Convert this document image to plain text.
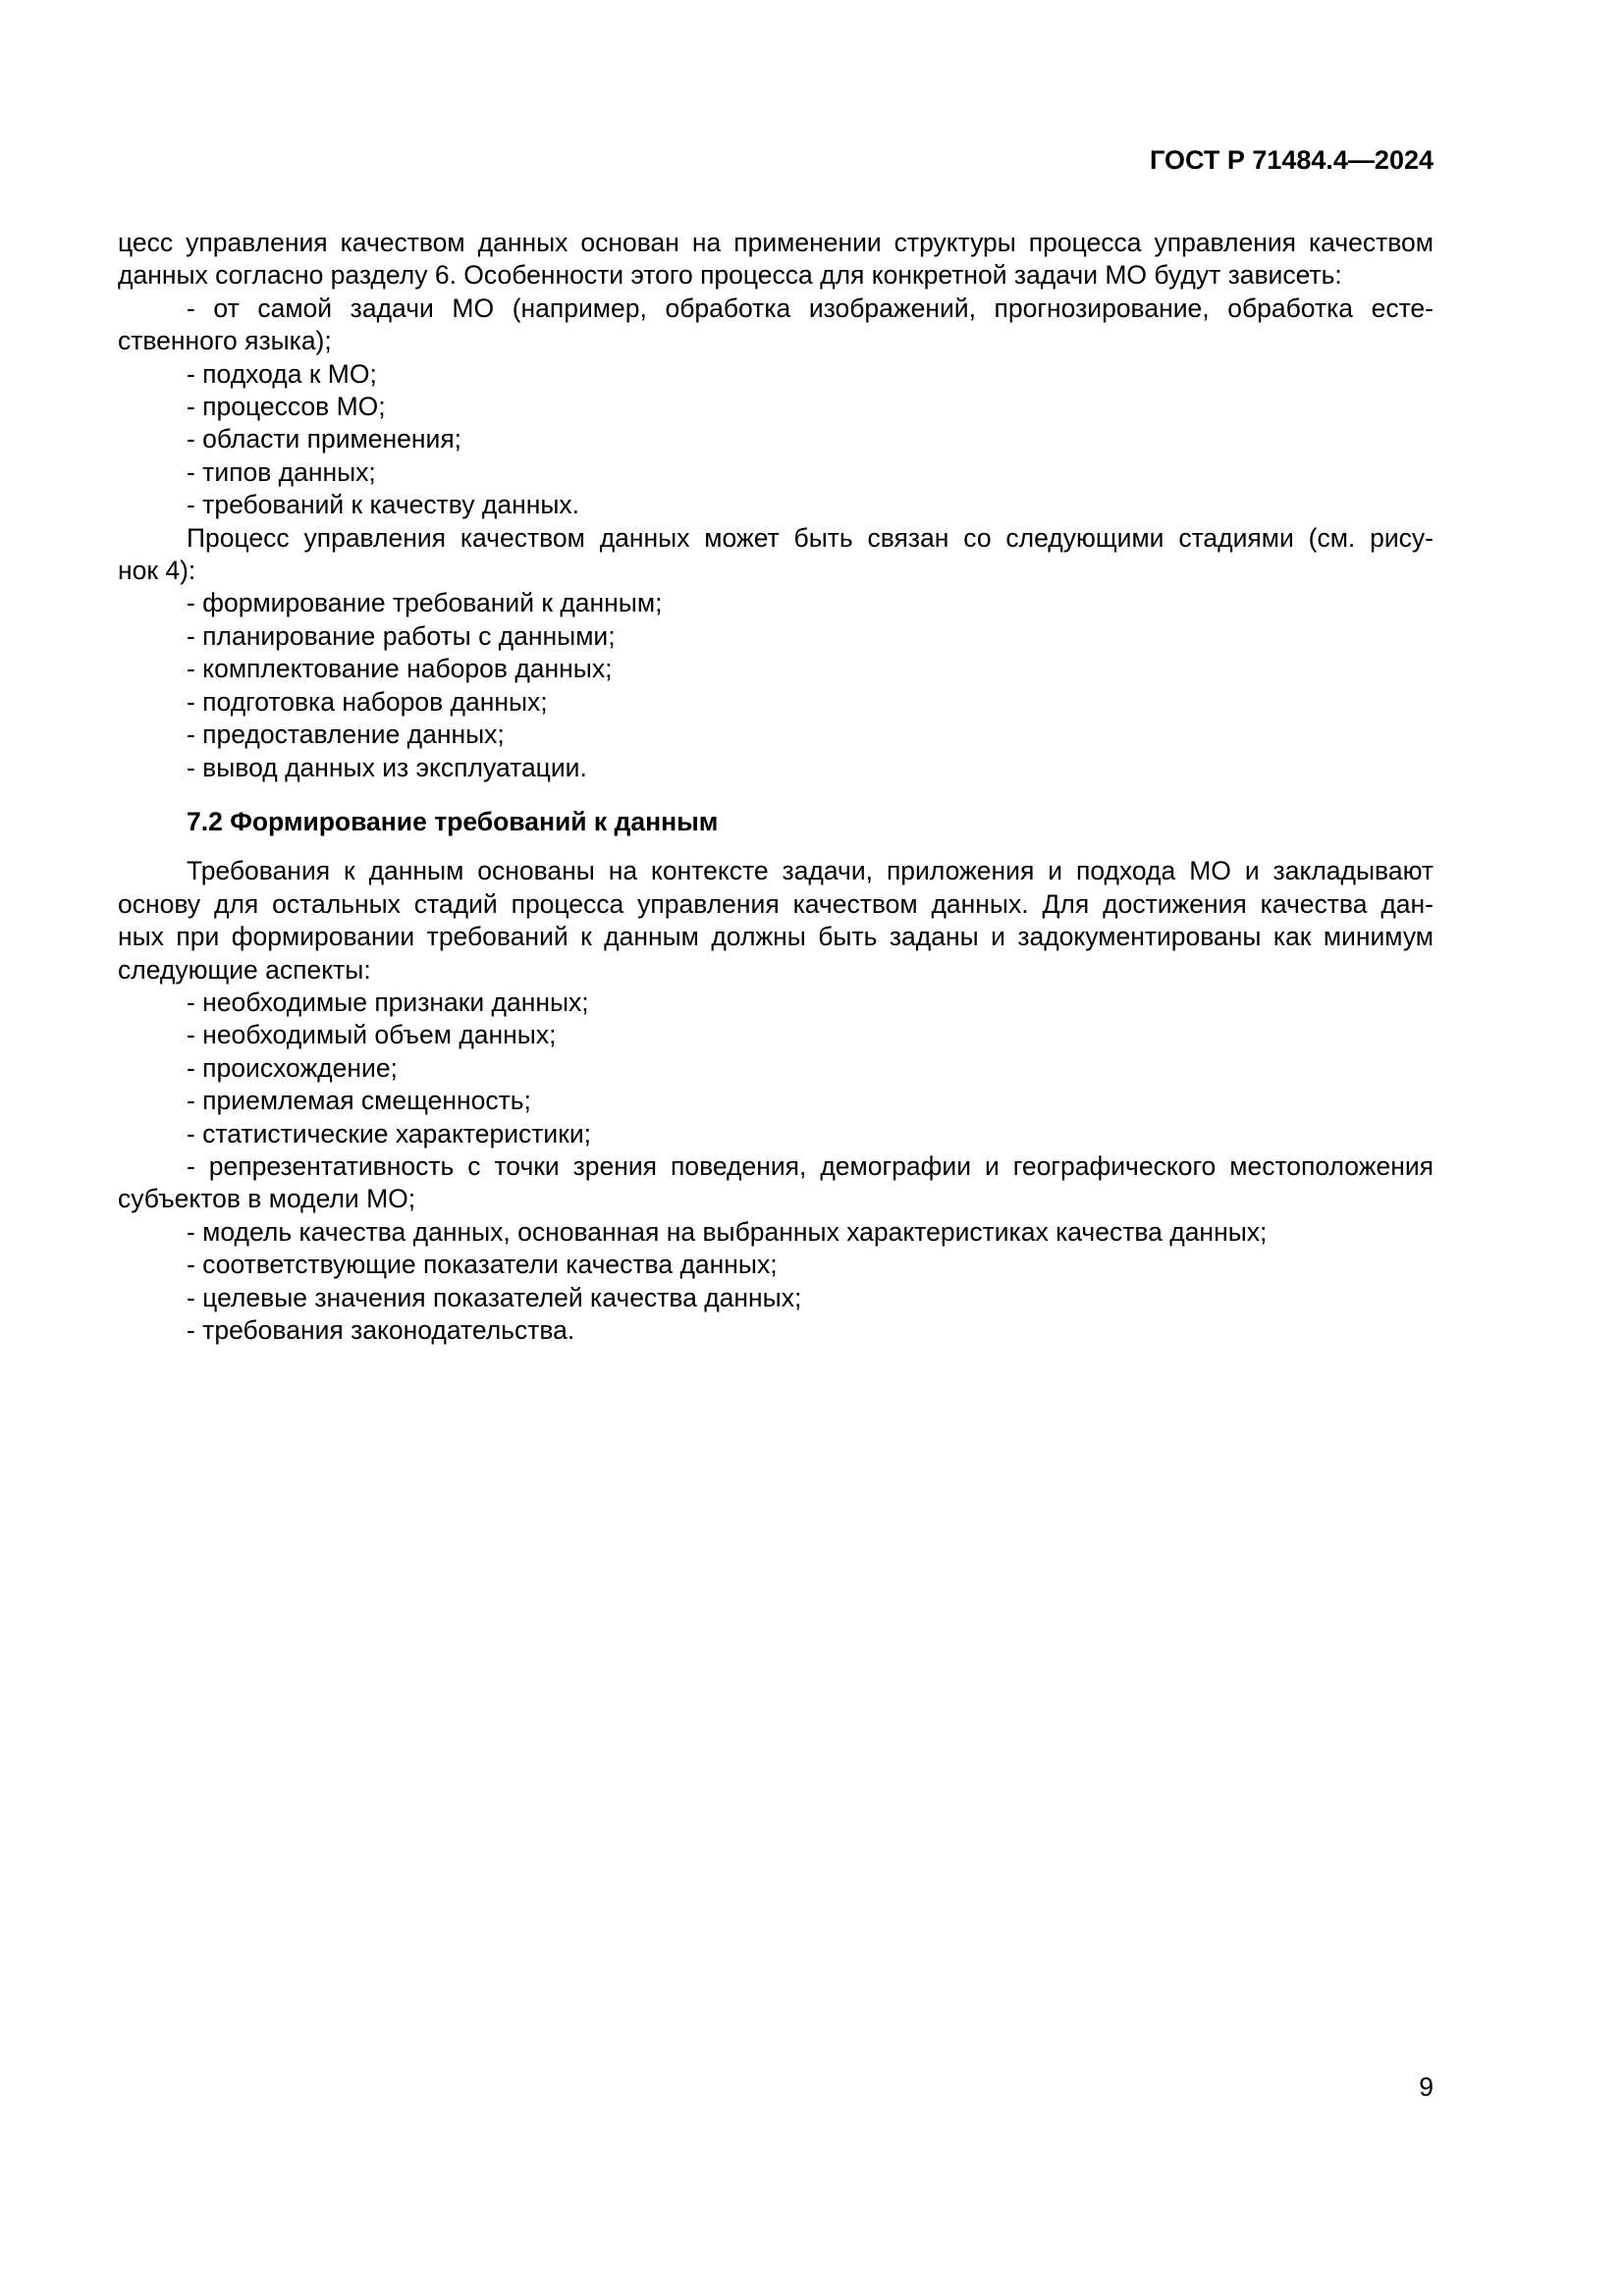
ГОСТ Р 71484.4—2024
цесс управления качеством данных основан на применении структуры процесса управления качеством
данных согласно разделу 6. Особенности этого процесса для конкретной задачи МО будут зависеть:
- от самой задачи МО (например, обработка изображений, прогнозирование, обработка есте-
ственного языка);
- подхода к МО;
- процессов МО;
- области применения;
- типов данных;
- требований к качеству данных.
Процесс управления качеством данных может быть связан со следующими стадиями (см. рису-
нок 4):
- формирование требований к данным;
- планирование работы с данными;
- комплектование наборов данных;
- подготовка наборов данных;
- предоставление данных;
- вывод данных из эксплуатации.
7.2 Формирование требований к данным
Требования к данным основаны на контексте задачи, приложения и подхода МО и закладывают
основу для остальных стадий процесса управления качеством данных. Для достижения качества дан-
ных при формировании требований к данным должны быть заданы и задокументированы как минимум
следующие аспекты:
- необходимые признаки данных;
- необходимый объем данных;
- происхождение;
- приемлемая смещенность;
- статистические характеристики;
- репрезентативность с точки зрения поведения, демографии и географического местоположения
субъектов в модели МО;
- модель качества данных, основанная на выбранных характеристиках качества данных;
- соответствующие показатели качества данных;
- целевые значения показателей качества данных;
- требования законодательства.
9
